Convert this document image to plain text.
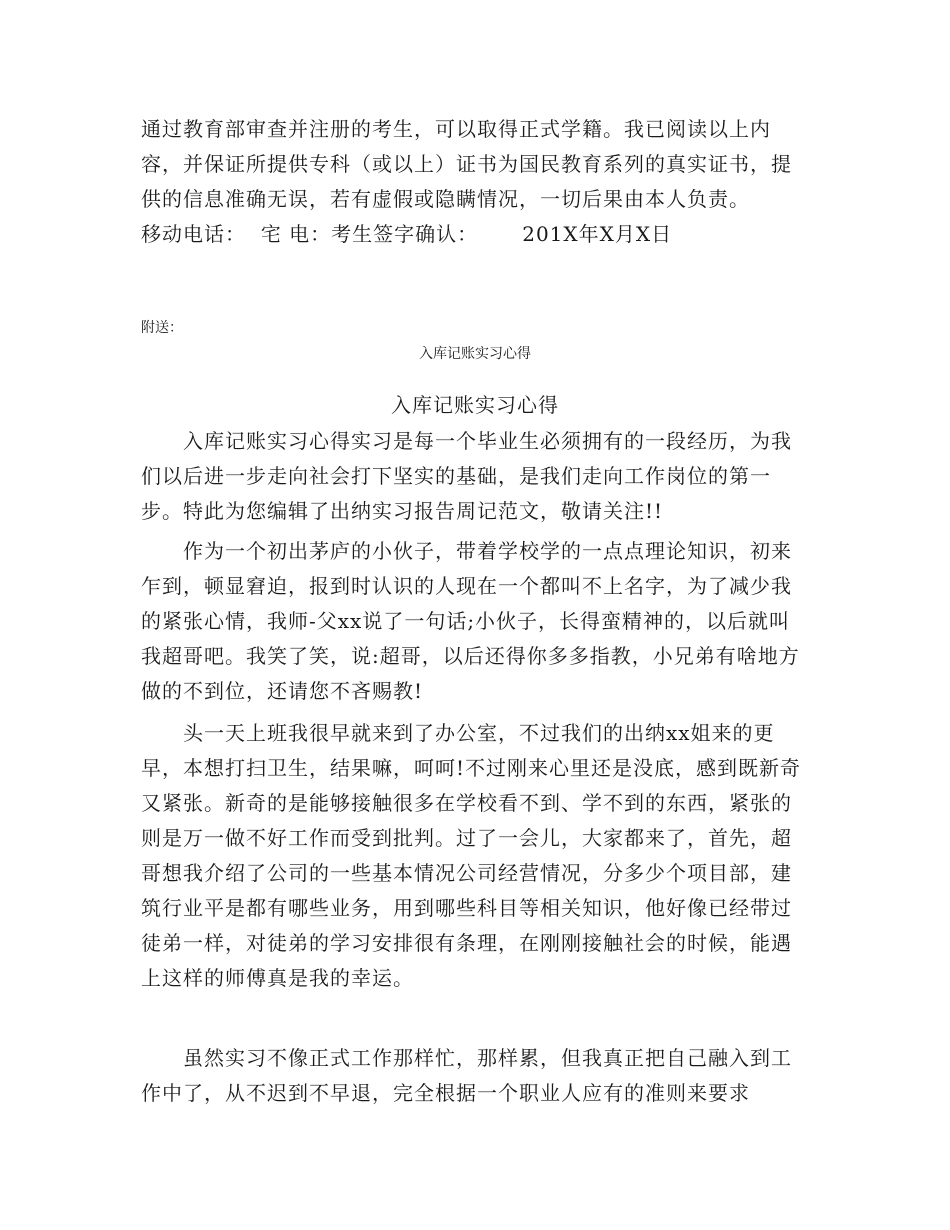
通过教育部审查并注册的考生，可以取得正式学籍。我已阅读以上内容，并保证所提供专科（或以上）证书为国民教育系列的真实证书，提供的信息准确无误，若有虚假或隐瞒情况，一切后果由本人负责。
移动电话：  宅 电：考生签字确认：      201X年X月X日

附送：

入库记账实习心得

入库记账实习心得

入库记账实习心得实习是每一个毕业生必须拥有的一段经历，为我们以后进一步走向社会打下坚实的基础，是我们走向工作岗位的第一步。特此为您编辑了出纳实习报告周记范文，敬请关注!!

作为一个初出茅庐的小伙子，带着学校学的一点点理论知识，初来乍到，顿显窘迫，报到时认识的人现在一个都叫不上名字，为了减少我的紧张心情，我师-父xx说了一句话;小伙子，长得蛮精神的，以后就叫我超哥吧。我笑了笑，说:超哥，以后还得你多多指教，小兄弟有啥地方做的不到位，还请您不吝赐教!

头一天上班我很早就来到了办公室，不过我们的出纳xx姐来的更早，本想打扫卫生，结果嘛，呵呵!不过刚来心里还是没底，感到既新奇又紧张。新奇的是能够接触很多在学校看不到、学不到的东西，紧张的则是万一做不好工作而受到批判。过了一会儿，大家都来了，首先，超哥想我介绍了公司的一些基本情况公司经营情况，分多少个项目部，建筑行业平是都有哪些业务，用到哪些科目等相关知识，他好像已经带过徒弟一样，对徒弟的学习安排很有条理，在刚刚接触社会的时候，能遇上这样的师傅真是我的幸运。

虽然实习不像正式工作那样忙，那样累，但我真正把自己融入到工作中了，从不迟到不早退，完全根据一个职业人应有的准则来要求
